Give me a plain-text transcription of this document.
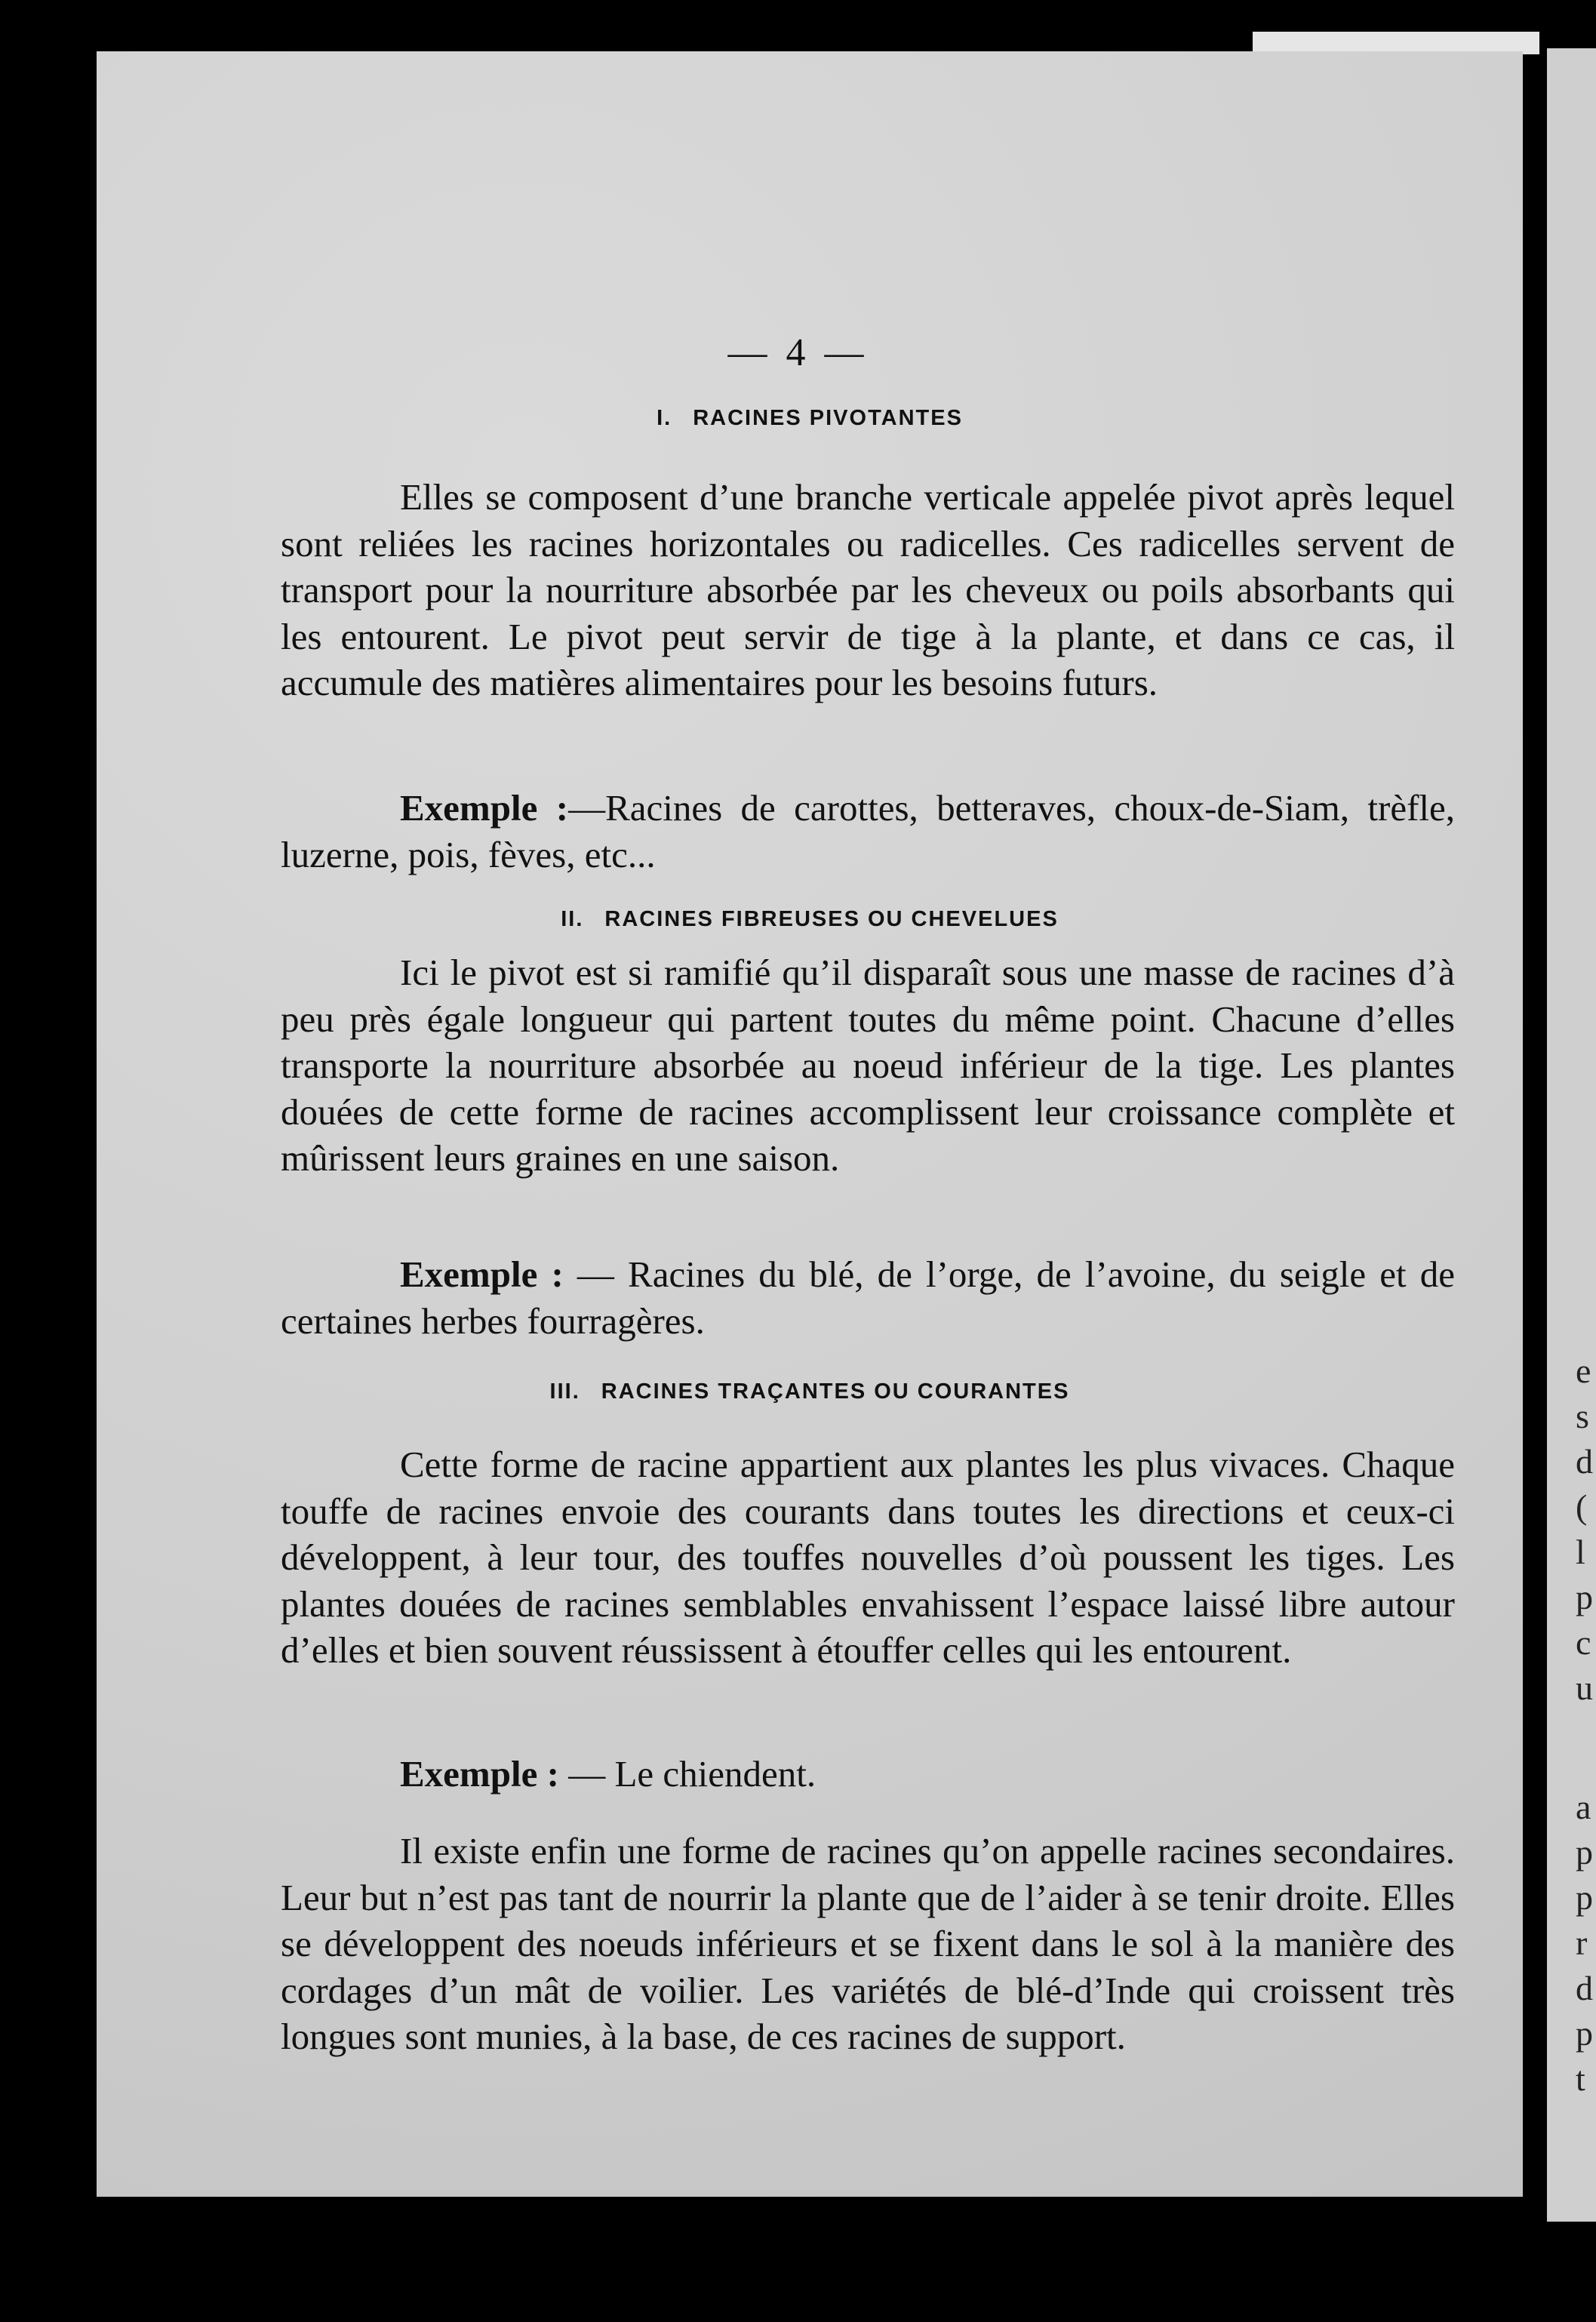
— 4 —
I. RACINES PIVOTANTES

Elles se composent d’une branche verticale appelée pivot après lequel sont reliées les racines horizontales ou radicelles. Ces radicelles servent de transport pour la nourriture absorbée par les cheveux ou poils absorbants qui les entourent. Le pivot peut servir de tige à la plante, et dans ce cas, il accumule des matières alimentaires pour les besoins futurs.

Exemple :—Racines de carottes, betteraves, choux-de-Siam, trèfle, luzerne, pois, fèves, etc...

II. RACINES FIBREUSES OU CHEVELUES

Ici le pivot est si ramifié qu’il disparaît sous une masse de racines d’à peu près égale longueur qui partent toutes du même point. Chacune d’elles transporte la nourriture absorbée au noeud inférieur de la tige. Les plantes douées de cette forme de racines accomplissent leur croissance complète et mûrissent leurs graines en une saison.

Exemple : — Racines du blé, de l’orge, de l’avoine, du seigle et de certaines herbes fourragères.

III. RACINES TRAÇANTES OU COURANTES

Cette forme de racine appartient aux plantes les plus vivaces. Chaque touffe de racines envoie des courants dans toutes les directions et ceux-ci développent, à leur tour, des touffes nouvelles d’où poussent les tiges. Les plantes douées de racines semblables envahissent l’espace laissé libre autour d’elles et bien souvent réussissent à étouffer celles qui les entourent.

Exemple : — Le chiendent.

Il existe enfin une forme de racines qu’on appelle racines secondaires. Leur but n’est pas tant de nourrir la plante que de l’aider à se tenir droite. Elles se développent des noeuds inférieurs et se fixent dans le sol à la manière des cordages d’un mât de voilier. Les variétés de blé-d’Inde qui croissent très longues sont munies, à la base, de ces racines de support.

e
s
d
(
l
p
c
u
a
p
p
r
d
p
t
